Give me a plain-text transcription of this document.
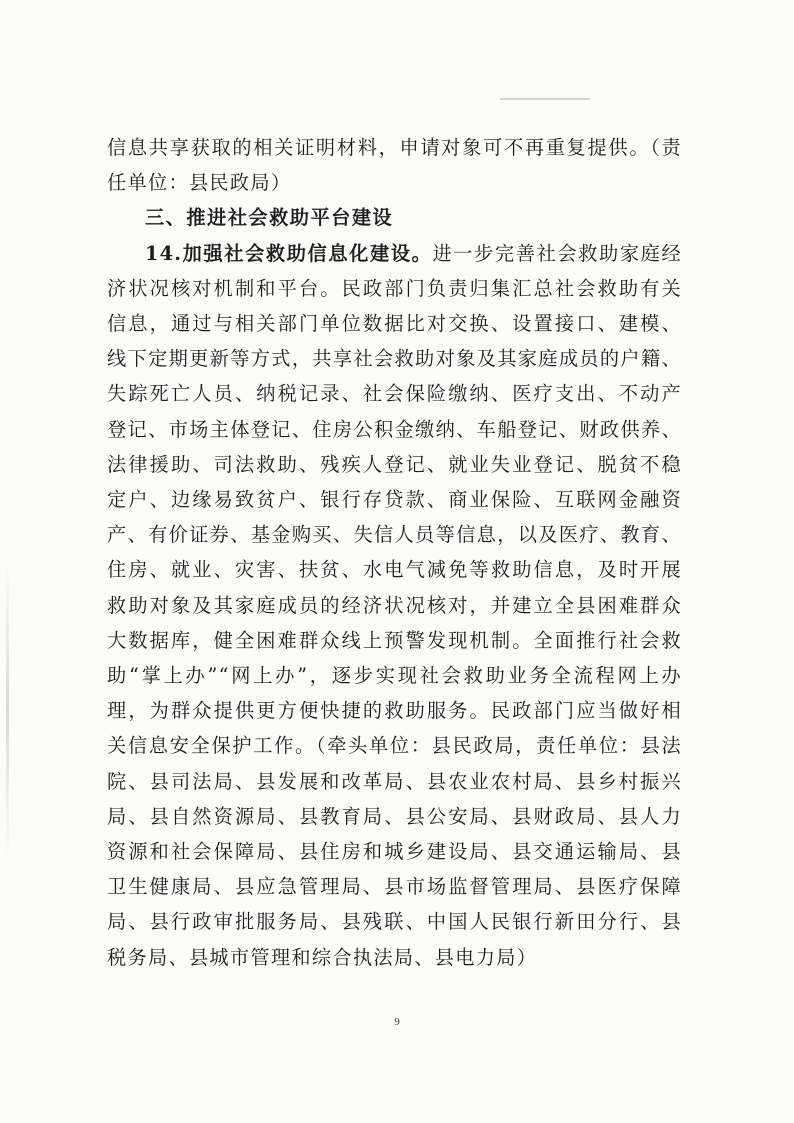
信息共享获取的相关证明材料，申请对象可不再重复提供。（责
任单位：县民政局）
三、推进社会救助平台建设
14.加强社会救助信息化建设。进一步完善社会救助家庭经
济状况核对机制和平台。民政部门负责归集汇总社会救助有关
信息，通过与相关部门单位数据比对交换、设置接口、建模、
线下定期更新等方式，共享社会救助对象及其家庭成员的户籍、
失踪死亡人员、纳税记录、社会保险缴纳、医疗支出、不动产
登记、市场主体登记、住房公积金缴纳、车船登记、财政供养、
法律援助、司法救助、残疾人登记、就业失业登记、脱贫不稳
定户、边缘易致贫户、银行存贷款、商业保险、互联网金融资
产、有价证券、基金购买、失信人员等信息，以及医疗、教育、
住房、就业、灾害、扶贫、水电气减免等救助信息，及时开展
救助对象及其家庭成员的经济状况核对，并建立全县困难群众
大数据库，健全困难群众线上预警发现机制。全面推行社会救
助“掌上办”“网上办”，逐步实现社会救助业务全流程网上办
理，为群众提供更方便快捷的救助服务。民政部门应当做好相
关信息安全保护工作。（牵头单位：县民政局，责任单位：县法
院、县司法局、县发展和改革局、县农业农村局、县乡村振兴
局、县自然资源局、县教育局、县公安局、县财政局、县人力
资源和社会保障局、县住房和城乡建设局、县交通运输局、县
卫生健康局、县应急管理局、县市场监督管理局、县医疗保障
局、县行政审批服务局、县残联、中国人民银行新田分行、县
税务局、县城市管理和综合执法局、县电力局）
9
